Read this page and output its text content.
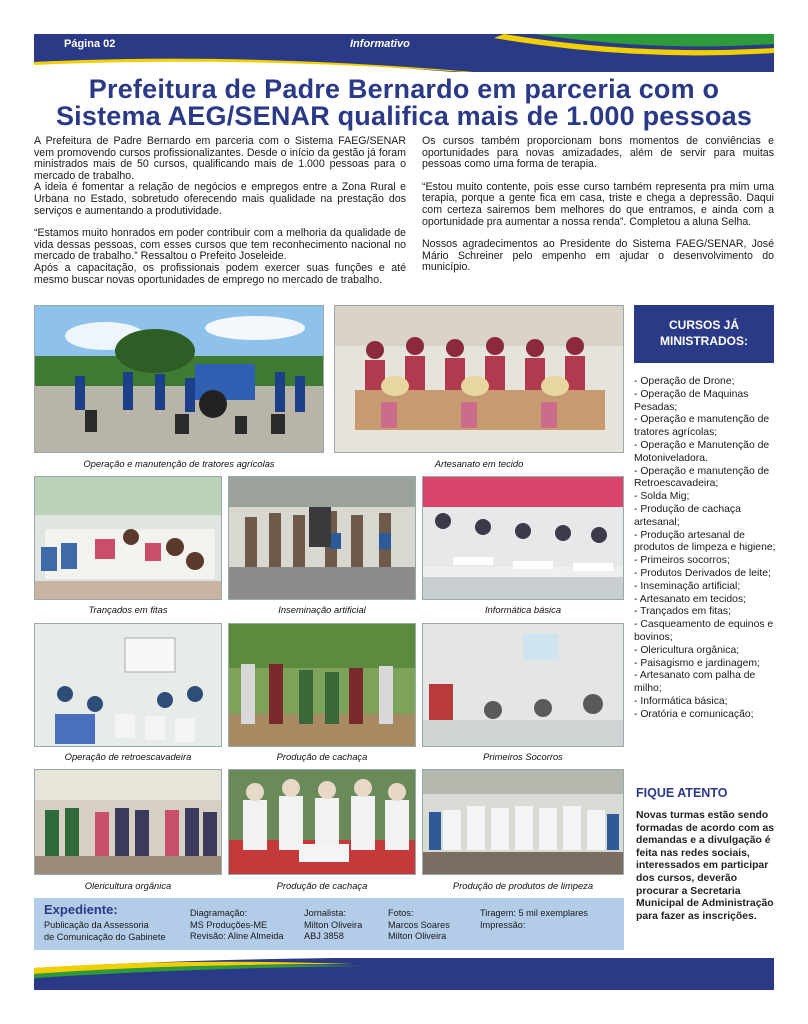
Página 02	Informativo
Prefeitura de Padre Bernardo em parceria com o
Sistema AEG/SENAR qualifica mais de 1.000 pessoas

A Prefeitura de Padre Bernardo em parceria com o Sistema FAEG/SENAR vem promovendo cursos profissionalizantes. Desde o início da gestão já foram ministrados mais de 50 cursos, qualificando mais de 1.000 pessoas para o mercado de trabalho.

A ideia é fomentar a relação de negócios e empregos entre a Zona Rural e Urbana no Estado, sobretudo oferecendo mais qualidade na prestação dos serviços e aumentando a produtividade.

“Estamos muito honrados em poder contribuir com a melhoria da qualidade de vida dessas pessoas, com esses cursos que tem reconhecimento nacional no mercado de trabalho.” Ressaltou o Prefeito Joseleide.

Após a capacitação, os profissionais podem exercer suas funções e até mesmo buscar novas oportunidades de emprego no mercado de trabalho.

Os cursos também proporcionam bons momentos de conviências e oportunidades para novas amizadades, além de servir para muitas pessoas como uma forma de terapia.

“Estou muito contente, pois esse curso também representa pra mim uma terapia, porque a gente fica em casa, triste e chega a depressão. Daqui com certeza sairemos bem melhores do que entramos, e ainda com a oportunidade pra aumentar a nossa renda”. Completou a aluna Selha.

Nossos agradecimentos ao Presidente do Sistema FAEG/SENAR, José Mário Schreiner pelo empenho em ajudar o desenvolvimento do município.

Operação e manutenção de tratores agrícolas	Artesanato em tecido
Trançados em fitas	Inseminação artificial	Informática básica
Operação de retroescavadeira	Produção de cachaça	Primeiros Socorros
Olericultura orgânica	Produção de cachaça	Produção de produtos de limpeza
CURSOS JÁ
MINISTRADOS:
- Operação de Drone;
- Operação de Maquinas Pesadas;
- Operação e manutenção de tratores agrícolas;
- Operação e Manutenção de Motoniveladora.
- Operação e manutenção de Retroescavadeira;
- Solda Mig;
- Produção de cachaça artesanal;
- Produção artesanal de produtos de limpeza e higiene;
- Primeiros socorros;
- Produtos Derivados de leite;
- Inseminação artificial;
- Artesanato em tecidos;
- Trançados em fitas;
- Casqueamento de equinos e bovinos;
- Olericultura orgânica;
- Paisagismo e jardinagem;
- Artesanato com palha de milho;
- Informática básica;
- Oratória e comunicação;
FIQUE ATENTO
Novas turmas estão sendo formadas de acordo com as demandas e a divulgação é feita nas redes sociais, interessados em participar dos cursos, deverão procurar a Secretaria Municipal de Administração para fazer as inscrições.
Expediente:
Publicação da Assessoria
de Comunicação do Gabinete
Diagramação:
MS Produções-ME
Revisão: Aline Almeida
Jornalista:
Milton Oliveira
ABJ 3858
Fotos:
Marcos Soares
Milton Oliveira
Tiragem: 5 mil exemplares
Impressão:
